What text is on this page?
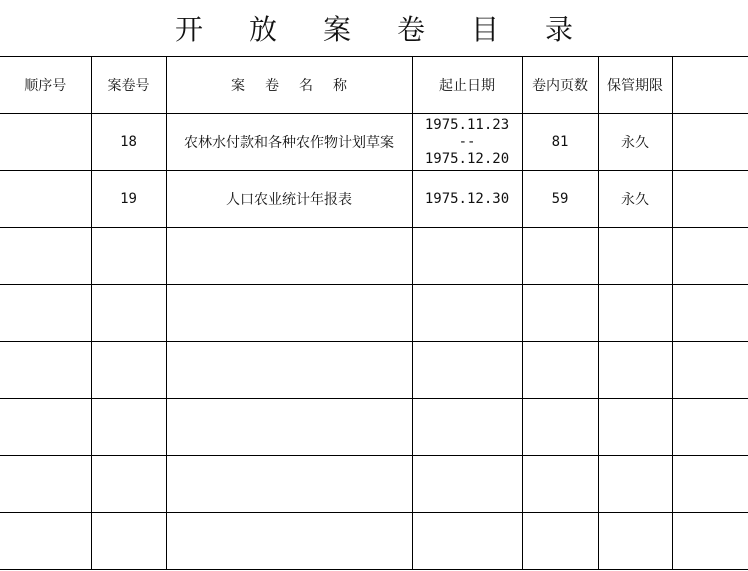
开放案卷目录
顺序号	案卷号	案卷名称	起止日期	卷内页数	保管期限	
	18	农林水付款和各种农作物计划草案	1975.11.23
--
1975.12.20	81	永久	
	19	人口农业统计年报表	1975.12.30	59	永久	
